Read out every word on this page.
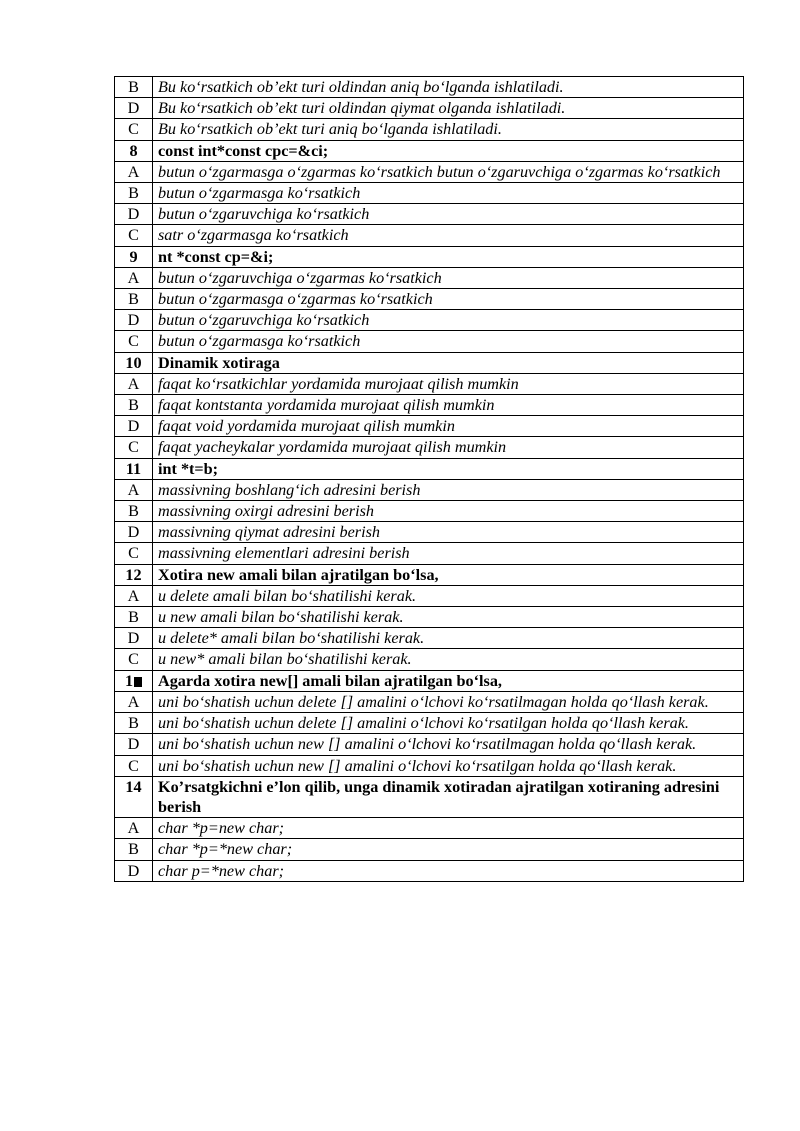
B	Bu ko‘rsatkich ob’ekt turi oldindan aniq bo‘lganda ishlatiladi.
D	Bu ko‘rsatkich ob’ekt turi oldindan qiymat olganda ishlatiladi.
C	Bu ko‘rsatkich ob’ekt turi aniq bo‘lganda ishlatiladi.
8	const int*const cpc=&ci;
A	butun o‘zgarmasga o‘zgarmas ko‘rsatkich butun o‘zgaruvchiga o‘zgarmas ko‘rsatkich
B	butun o‘zgarmasga ko‘rsatkich
D	butun o‘zgaruvchiga ko‘rsatkich
C	satr o‘zgarmasga ko‘rsatkich
9	nt *const cp=&i;
A	butun o‘zgaruvchiga o‘zgarmas ko‘rsatkich
B	butun o‘zgarmasga o‘zgarmas ko‘rsatkich
D	butun o‘zgaruvchiga ko‘rsatkich
C	butun o‘zgarmasga ko‘rsatkich
10	Dinamik xotiraga
A	faqat ko‘rsatkichlar yordamida murojaat qilish mumkin
B	faqat kontstanta yordamida murojaat qilish mumkin
D	faqat void yordamida murojaat qilish mumkin
C	faqat yacheykalar yordamida murojaat qilish mumkin
11	int *t=b;
A	massivning boshlang‘ich adresini berish
B	massivning oxirgi adresini berish
D	massivning qiymat adresini berish
C	massivning elementlari adresini berish
12	Xotira new amali bilan ajratilgan bo‘lsa,
A	u delete amali bilan bo‘shatilishi kerak.
B	u new amali bilan bo‘shatilishi kerak.
D	u delete* amali bilan bo‘shatilishi kerak.
C	u new* amali bilan bo‘shatilishi kerak.
1	Agarda xotira new[] amali bilan ajratilgan bo‘lsa,
A	uni bo‘shatish uchun delete [] amalini o‘lchovi ko‘rsatilmagan holda qo‘llash kerak.
B	uni bo‘shatish uchun delete [] amalini o‘lchovi ko‘rsatilgan holda qo‘llash kerak.
D	uni bo‘shatish uchun new [] amalini o‘lchovi ko‘rsatilmagan holda qo‘llash kerak.
C	uni bo‘shatish uchun new [] amalini o‘lchovi ko‘rsatilgan holda qo‘llash kerak.
14	Ko’rsatgkichni e’lon qilib, unga dinamik xotiradan ajratilgan xotiraning adresini berish
A	char *p=new char;
B	char *p=*new char;
D	char p=*new char;
